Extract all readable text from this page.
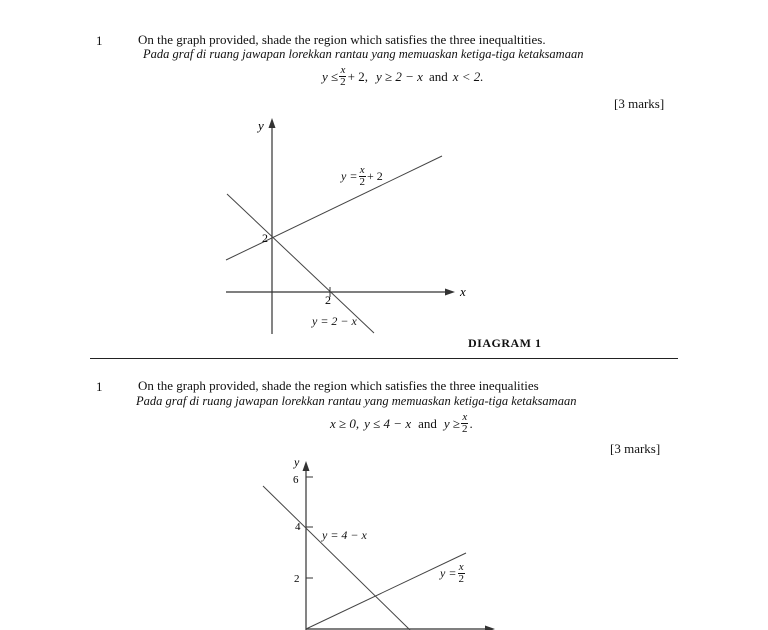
1	On the graph provided, shade the region which satisfies the three inequaltities.
Pada graf di ruang jawapan lorekkan rantau yang memuaskan ketiga-tiga ketaksamaan
$y \le \frac{x}{2} + 2$, y ≥ 2 − x and x < 2.
[3 marks]
y
x
2
2
$y = \frac{x}{2} + 2$
y = 2 − x
DIAGRAM 1
1	On the graph provided, shade the region which satisfies the three inequalities
Pada graf di ruang jawapan lorekkan rantau yang memuaskan ketiga-tiga ketaksamaan
x ≥ 0, y ≤ 4 − x and $y \ge \frac{x}{2}$ .
[3 marks]
y
6
4
2
y = 4 − x
$y = \frac{x}{2}$
